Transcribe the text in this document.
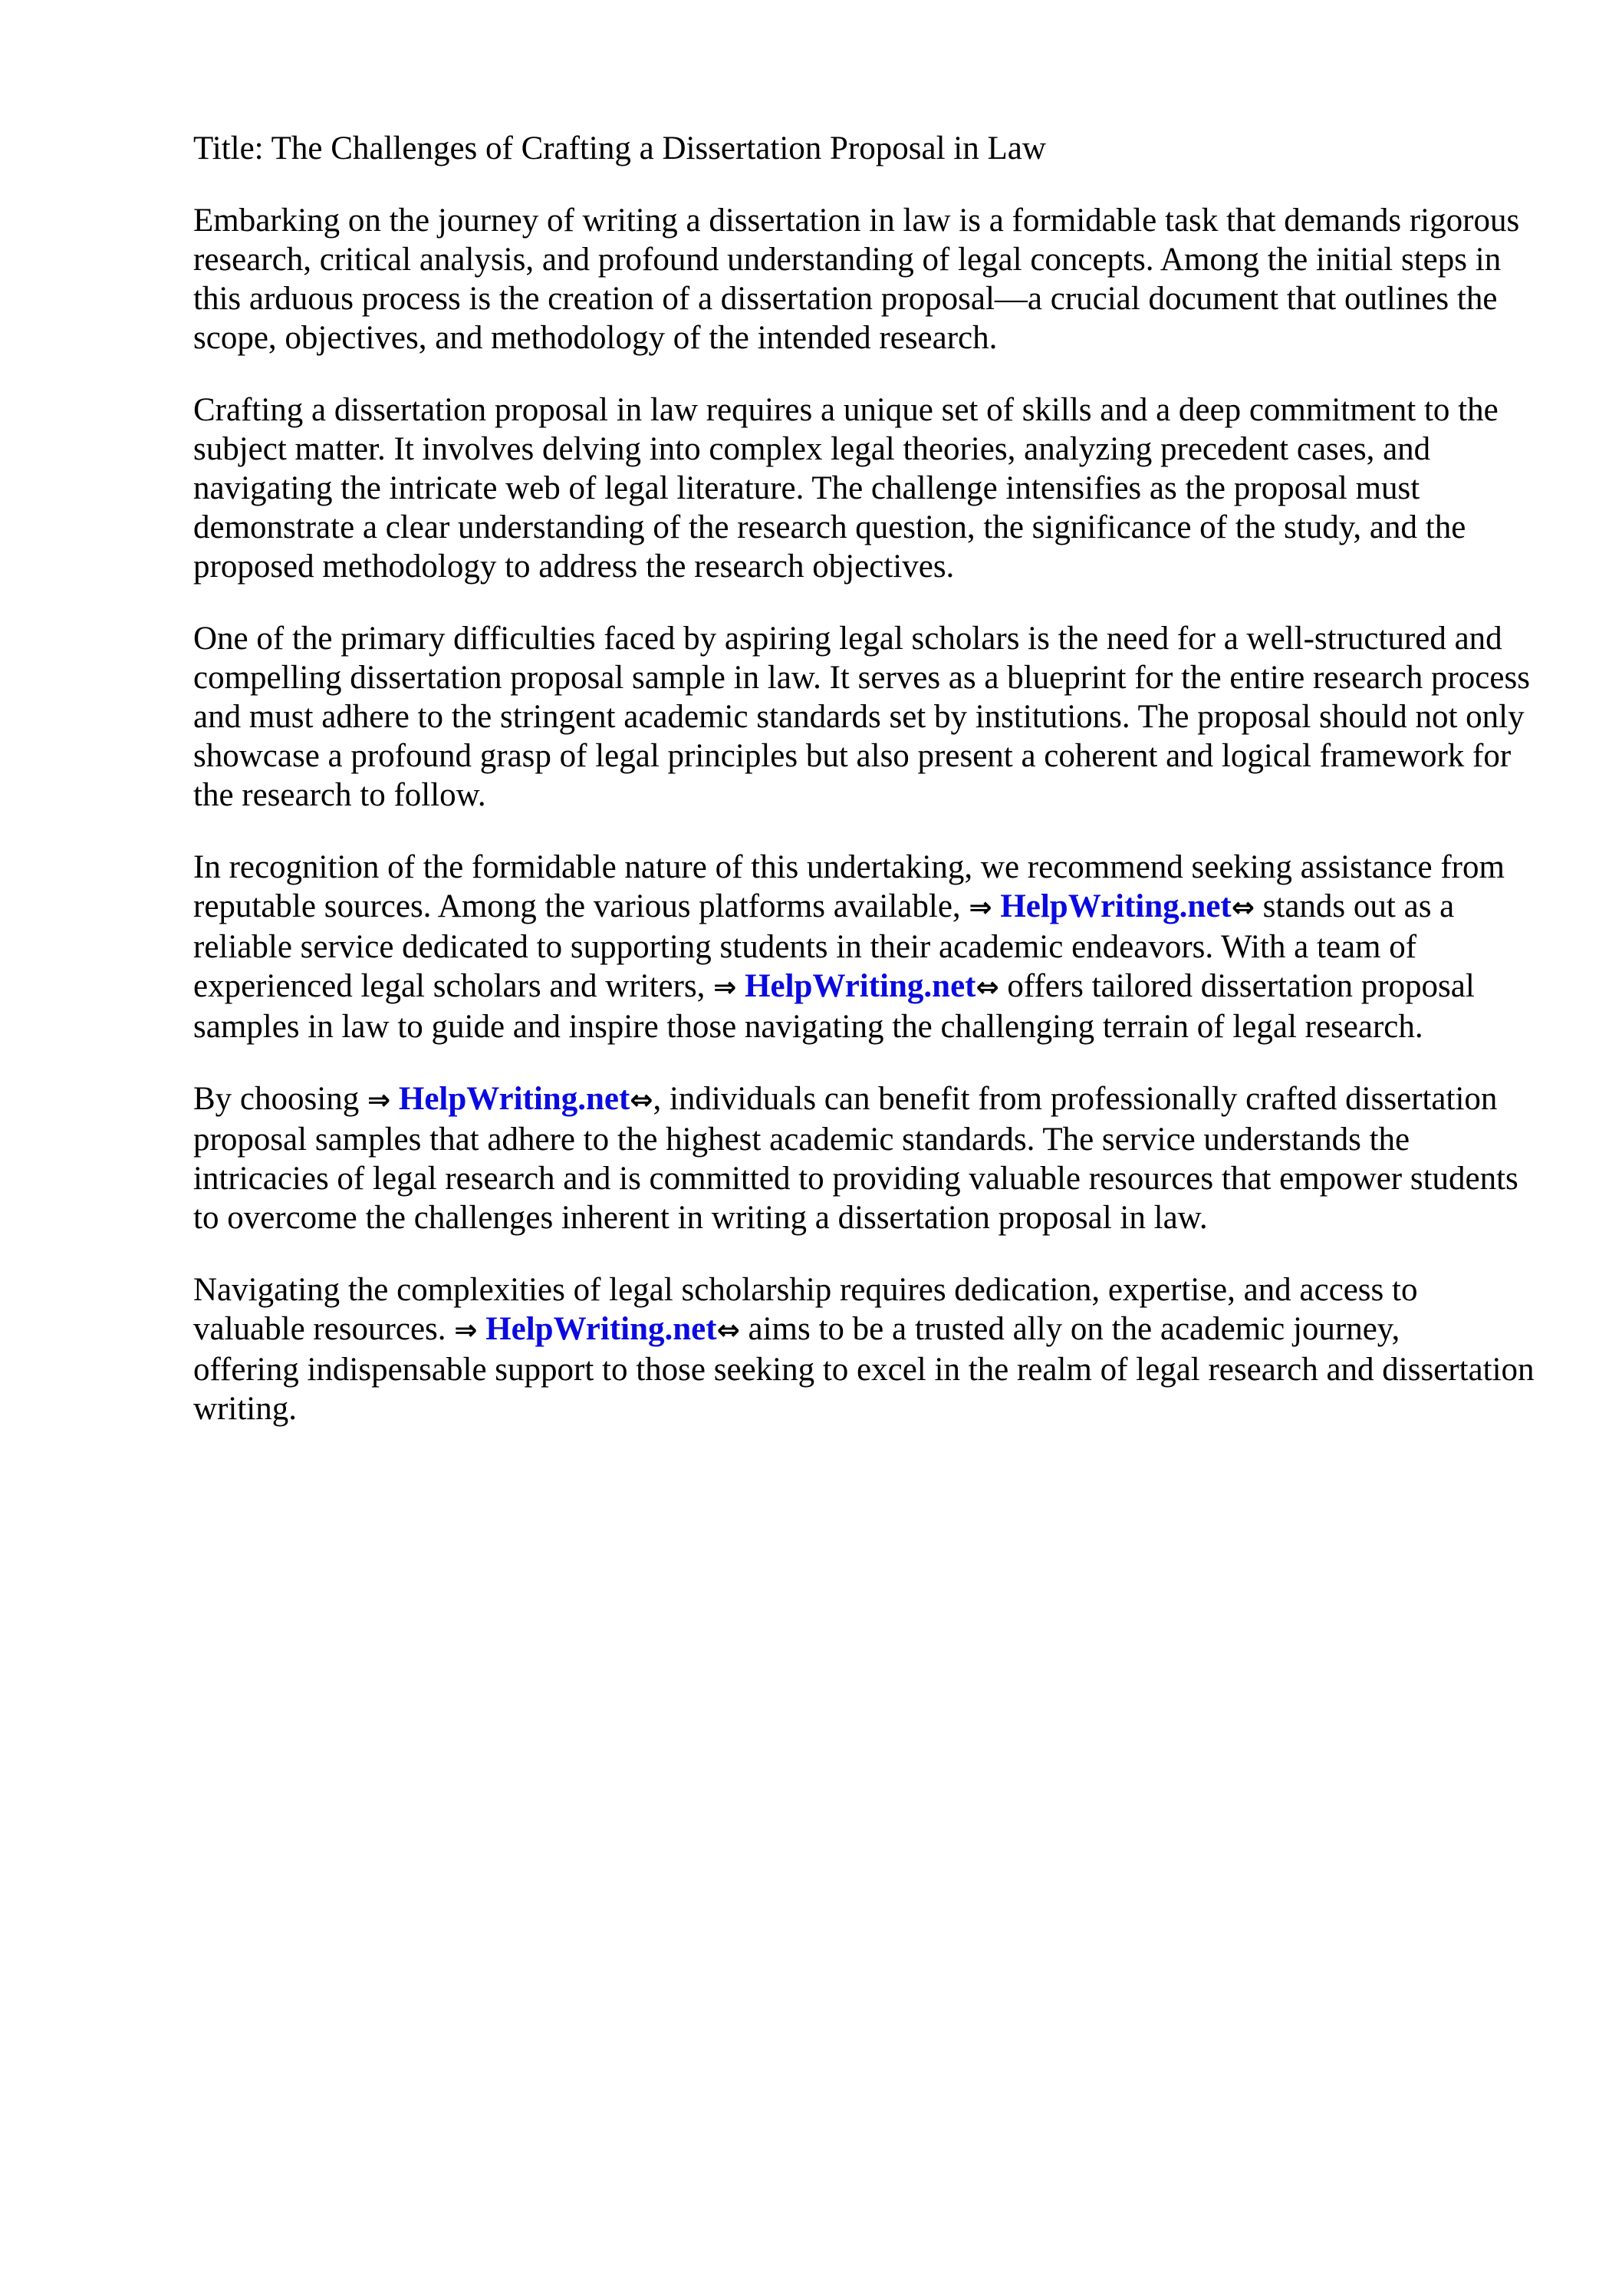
Title: The Challenges of Crafting a Dissertation Proposal in Law

Embarking on the journey of writing a dissertation in law is a formidable task that demands rigorous
research, critical analysis, and profound understanding of legal concepts. Among the initial steps in
this arduous process is the creation of a dissertation proposal—a crucial document that outlines the
scope, objectives, and methodology of the intended research.

Crafting a dissertation proposal in law requires a unique set of skills and a deep commitment to the
subject matter. It involves delving into complex legal theories, analyzing precedent cases, and
navigating the intricate web of legal literature. The challenge intensifies as the proposal must
demonstrate a clear understanding of the research question, the significance of the study, and the
proposed methodology to address the research objectives.

One of the primary difficulties faced by aspiring legal scholars is the need for a well-structured and
compelling dissertation proposal sample in law. It serves as a blueprint for the entire research process
and must adhere to the stringent academic standards set by institutions. The proposal should not only
showcase a profound grasp of legal principles but also present a coherent and logical framework for
the research to follow.

In recognition of the formidable nature of this undertaking, we recommend seeking assistance from
reputable sources. Among the various platforms available, ⇒ HelpWriting.net⇔ stands out as a
reliable service dedicated to supporting students in their academic endeavors. With a team of
experienced legal scholars and writers, ⇒ HelpWriting.net⇔ offers tailored dissertation proposal
samples in law to guide and inspire those navigating the challenging terrain of legal research.

By choosing ⇒ HelpWriting.net⇔, individuals can benefit from professionally crafted dissertation
proposal samples that adhere to the highest academic standards. The service understands the
intricacies of legal research and is committed to providing valuable resources that empower students
to overcome the challenges inherent in writing a dissertation proposal in law.

Navigating the complexities of legal scholarship requires dedication, expertise, and access to
valuable resources. ⇒ HelpWriting.net⇔ aims to be a trusted ally on the academic journey,
offering indispensable support to those seeking to excel in the realm of legal research and dissertation
writing.
